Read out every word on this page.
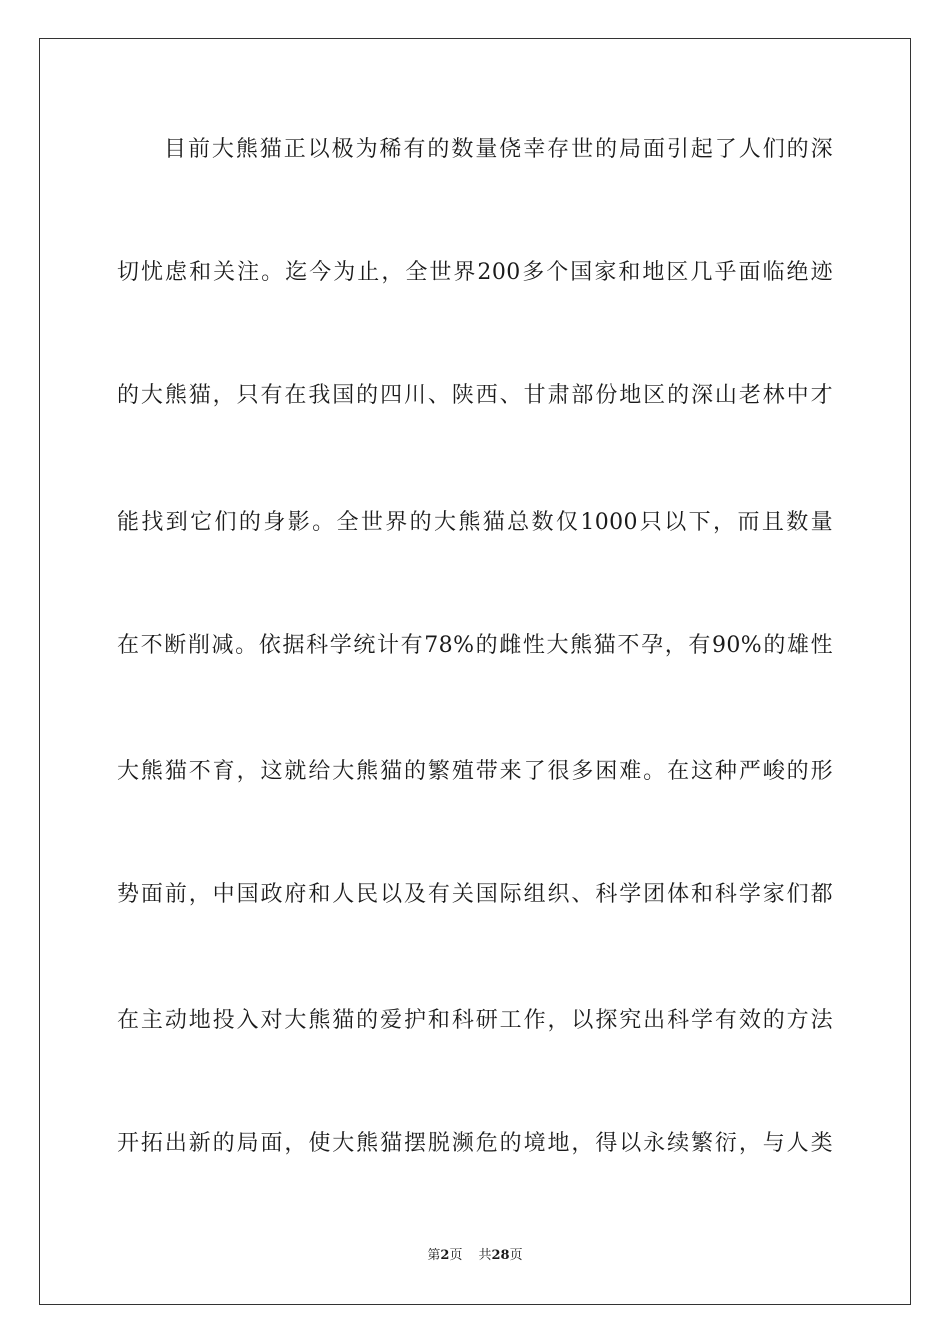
目前大熊猫正以极为稀有的数量侥幸存世的局面引起了人们的深
切忧虑和关注。迄今为止，全世界200多个国家和地区几乎面临绝迹
的大熊猫，只有在我国的四川、陕西、甘肃部份地区的深山老林中才
能找到它们的身影。全世界的大熊猫总数仅1000只以下，而且数量
在不断削减。依据科学统计有78%的雌性大熊猫不孕，有90%的雄性
大熊猫不育，这就给大熊猫的繁殖带来了很多困难。在这种严峻的形
势面前，中国政府和人民以及有关国际组织、科学团体和科学家们都
在主动地投入对大熊猫的爱护和科研工作，以探究出科学有效的方法
开拓出新的局面，使大熊猫摆脱濒危的境地，得以永续繁衍，与人类
第2页 共28页
